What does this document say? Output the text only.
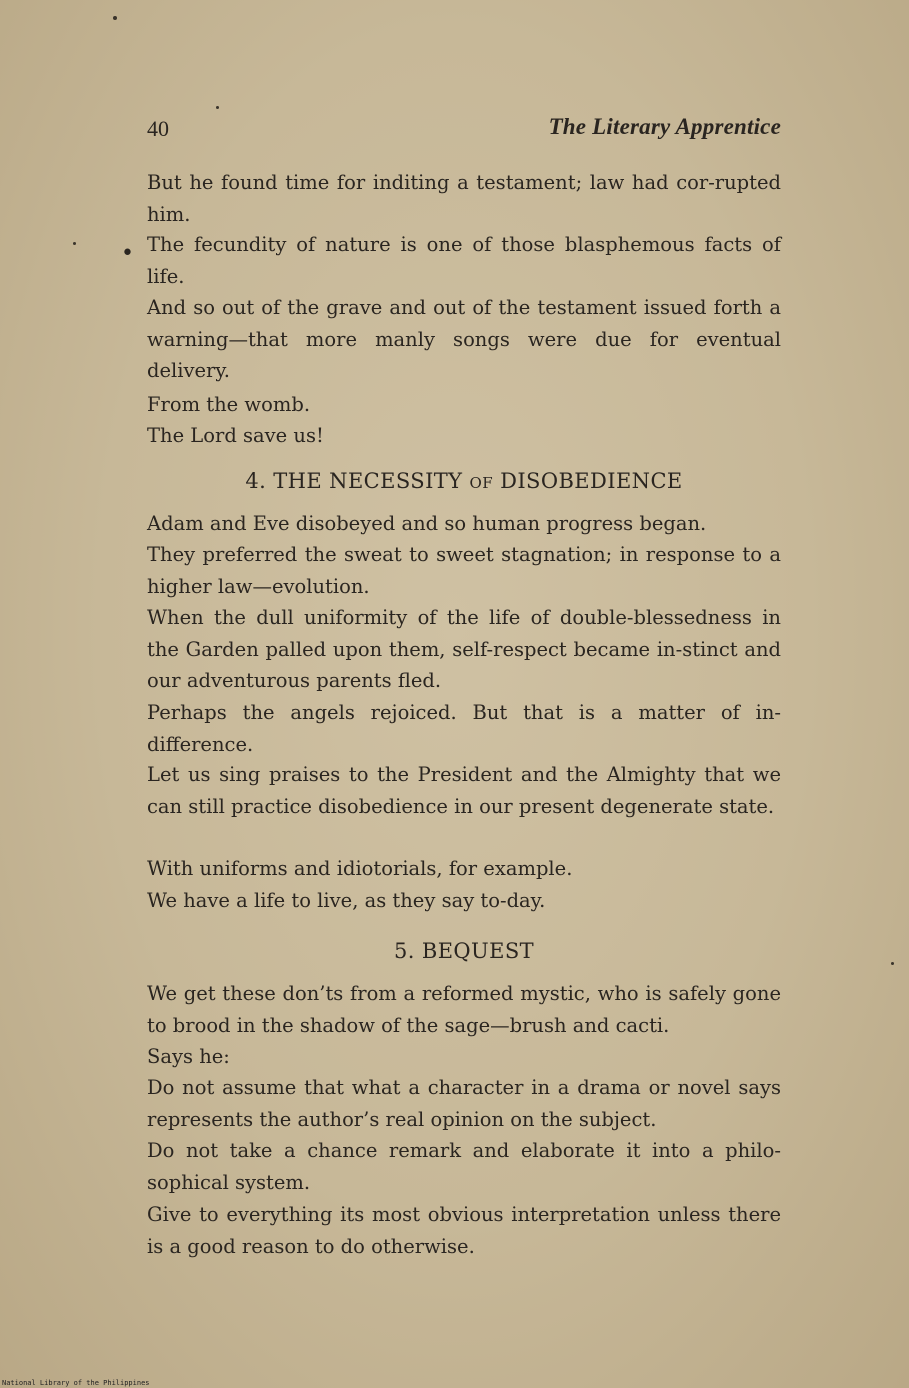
40	The Literary Apprentice
•

But he found time for inditing a testament; law had cor-rupted him.

The fecundity of nature is one of those blasphemous facts of life.

And so out of the grave and out of the testament issued forth a warning—that more manly songs were due for eventual delivery.

From the womb.

The Lord save us!

4. THE NECESSITY OF DISOBEDIENCE

Adam and Eve disobeyed and so human progress began.

They preferred the sweat to sweet stagnation; in response to a higher law—evolution.

When the dull uniformity of the life of double-blessedness in the Garden palled upon them, self-respect became in-stinct and our adventurous parents fled.

Perhaps the angels rejoiced. But that is a matter of in-difference.

Let us sing praises to the President and the Almighty that we can still practice disobedience in our present degenerate state.

With uniforms and idiotorials, for example.

We have a life to live, as they say to-day.

5. BEQUEST

We get these don’ts from a reformed mystic, who is safely gone to brood in the shadow of the sage—brush and cacti.

Says he:

Do not assume that what a character in a drama or novel says represents the author’s real opinion on the subject.

Do not take a chance remark and elaborate it into a philo-sophical system.

Give to everything its most obvious interpretation unless there is a good reason to do otherwise.

National Library of the Philippines
